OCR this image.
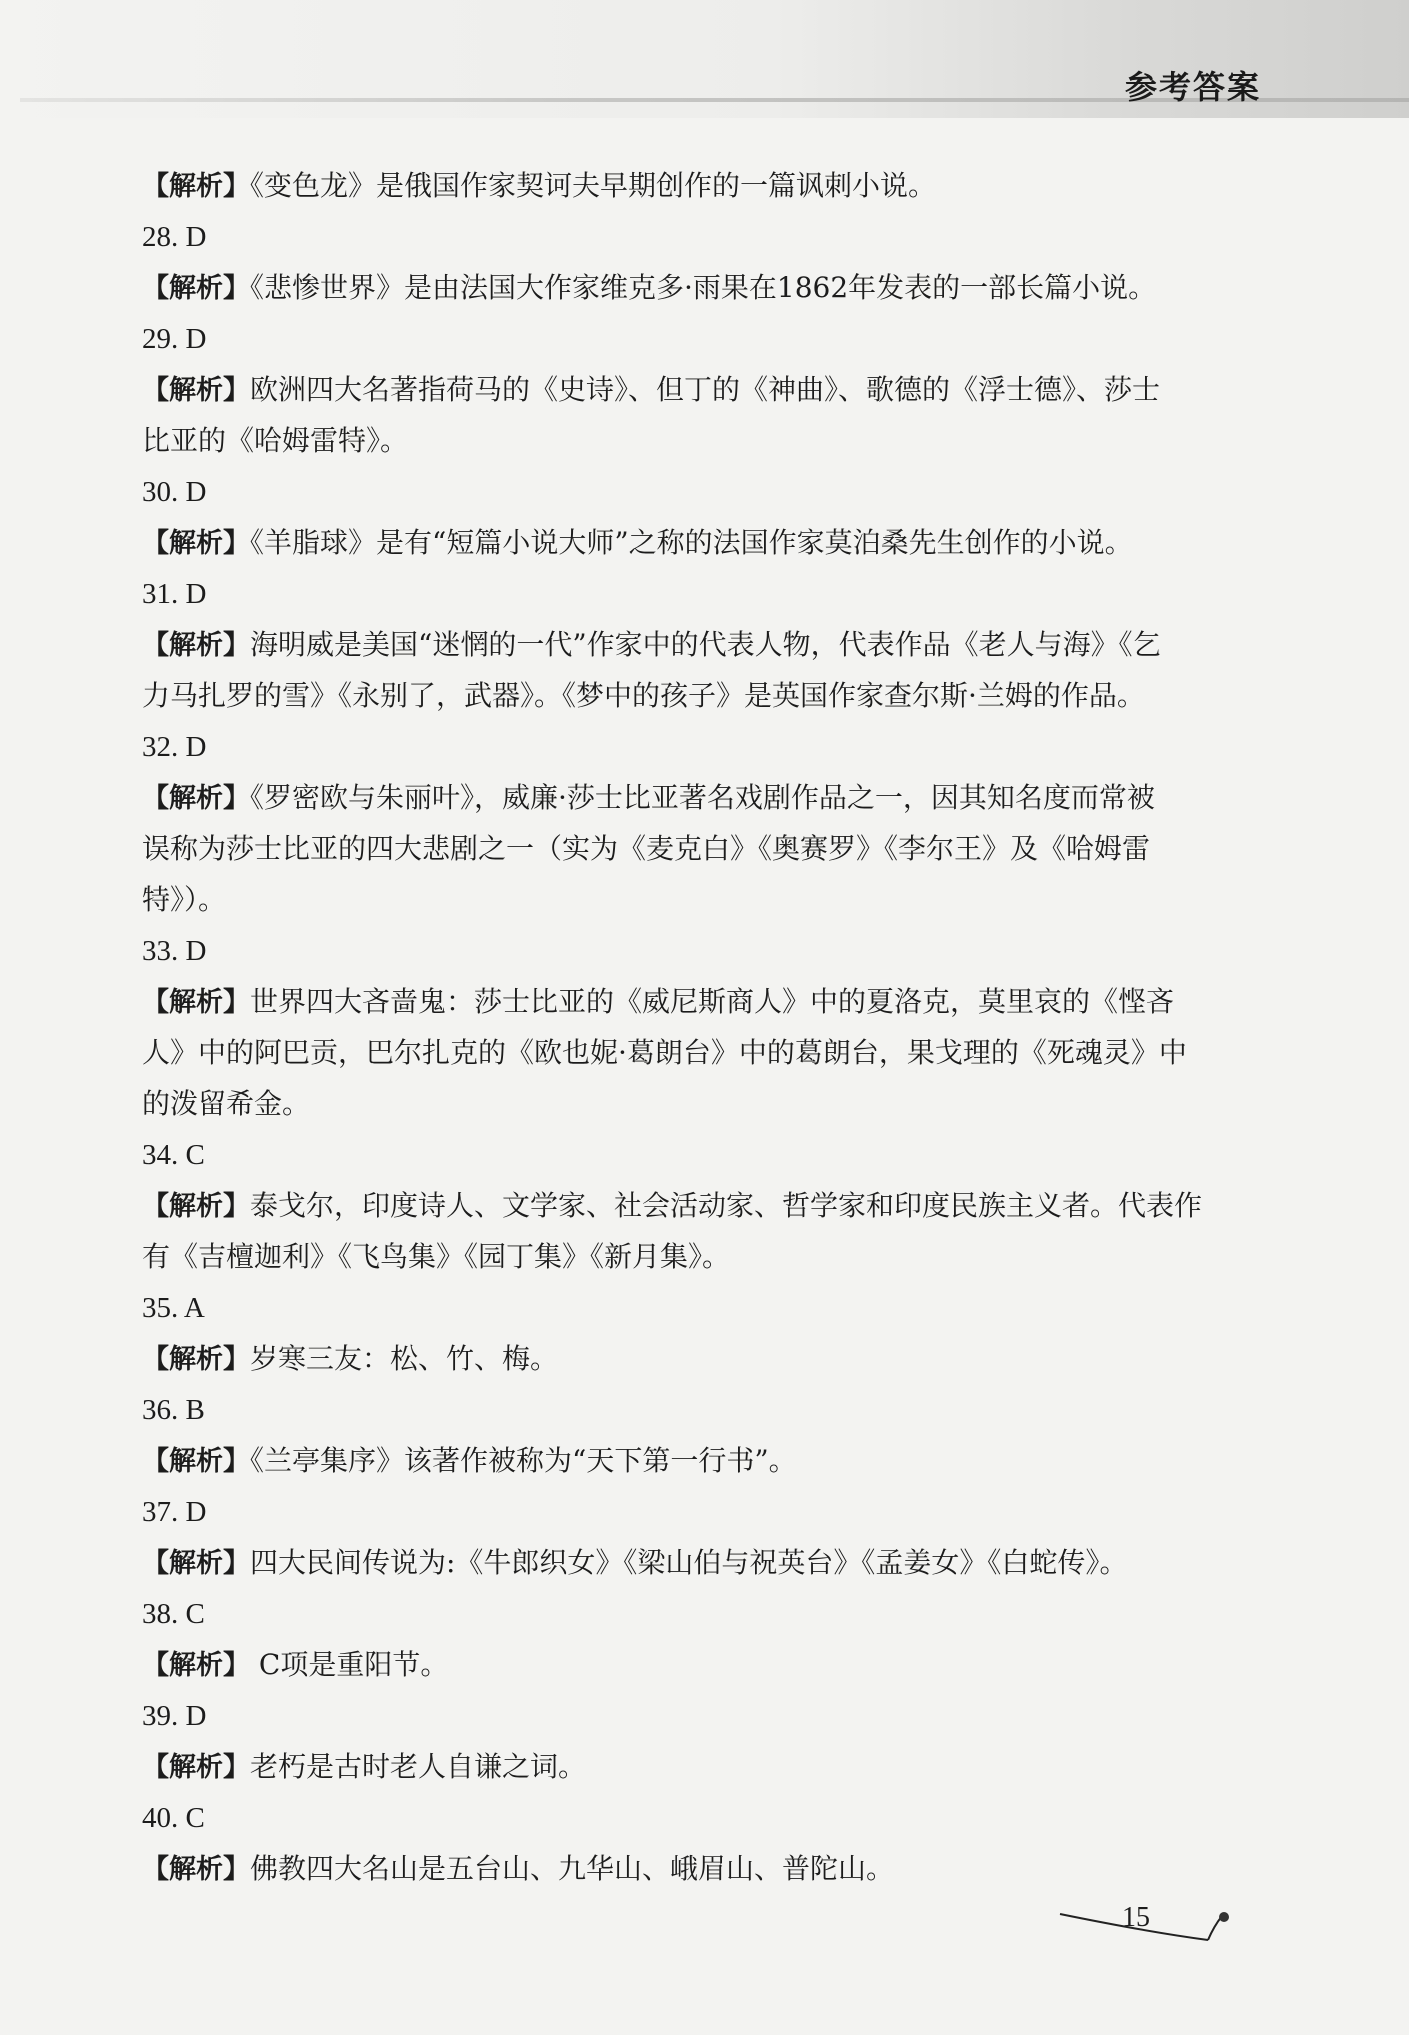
参考答案
【解析】《变色龙》是俄国作家契诃夫早期创作的一篇讽刺小说。
28. D
【解析】《悲惨世界》是由法国大作家维克多·雨果在1862年发表的一部长篇小说。
29. D
【解析】欧洲四大名著指荷马的《史诗》、但丁的《神曲》、歌德的《浮士德》、莎士
比亚的《哈姆雷特》。
30. D
【解析】《羊脂球》是有“短篇小说大师”之称的法国作家莫泊桑先生创作的小说。
31. D
【解析】海明威是美国“迷惘的一代”作家中的代表人物，代表作品《老人与海》《乞
力马扎罗的雪》《永别了，武器》。《梦中的孩子》是英国作家查尔斯·兰姆的作品。
32. D
【解析】《罗密欧与朱丽叶》，威廉·莎士比亚著名戏剧作品之一，因其知名度而常被
误称为莎士比亚的四大悲剧之一（实为《麦克白》《奥赛罗》《李尔王》及《哈姆雷
特》）。
33. D
【解析】世界四大吝啬鬼：莎士比亚的《威尼斯商人》中的夏洛克，莫里哀的《悭吝
人》中的阿巴贡，巴尔扎克的《欧也妮·葛朗台》中的葛朗台，果戈理的《死魂灵》中
的泼留希金。
34. C
【解析】泰戈尔，印度诗人、文学家、社会活动家、哲学家和印度民族主义者。代表作
有《吉檀迦利》《飞鸟集》《园丁集》《新月集》。
35. A
【解析】岁寒三友：松、竹、梅。
36. B
【解析】《兰亭集序》该著作被称为“天下第一行书”。
37. D
【解析】四大民间传说为:《牛郎织女》《梁山伯与祝英台》《孟姜女》《白蛇传》。
38. C
【解析】 C项是重阳节。
39. D
【解析】老朽是古时老人自谦之词。
40. C
【解析】佛教四大名山是五台山、九华山、峨眉山、普陀山。
15
